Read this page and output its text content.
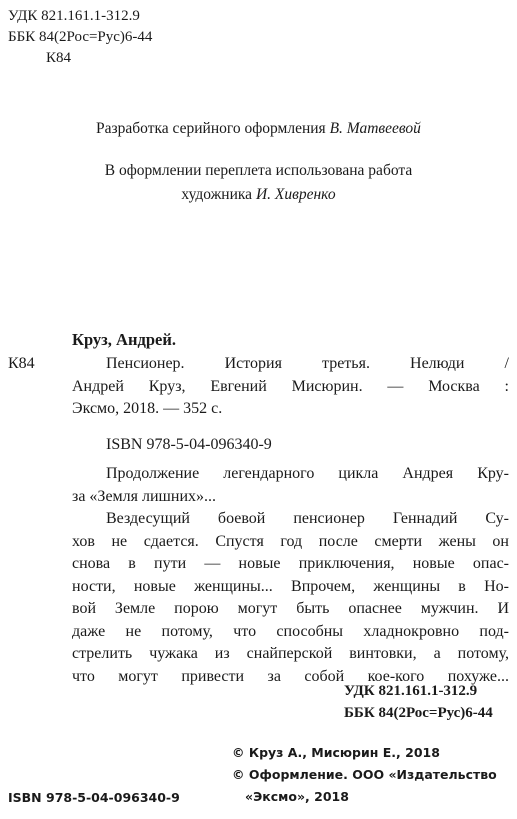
УДК 821.161.1-312.9
ББК 84(2Рос=Рус)6-44
К84
Разработка серийного оформления В. Матвеевой
В оформлении переплета использована работа
художника И. Хивренко
Круз, Андрей.
К84	Пенсионер. История третья. Нелюди /
Андрей Круз, Евгений Мисюрин. — Москва :
Эксмо, 2018. — 352 с.
ISBN 978-5-04-096340-9
Продолжение легендарного цикла Андрея Кру-
за «Земля лишних»...
Вездесущий боевой пенсионер Геннадий Су-
хов не сдается. Спустя год после смерти жены он
снова в пути — новые приключения, новые опас-
ности, новые женщины... Впрочем, женщины в Но-
вой Земле порою могут быть опаснее мужчин. И
даже не потому, что способны хладнокровно под-
стрелить чужака из снайперской винтовки, а потому,
что могут привести за собой кое-кого похуже...
УДК 821.161.1-312.9
ББК 84(2Рос=Рус)6-44
© Круз А., Мисюрин Е., 2018
© Оформление. ООО «Издательство
«Эксмо», 2018
ISBN 978-5-04-096340-9
